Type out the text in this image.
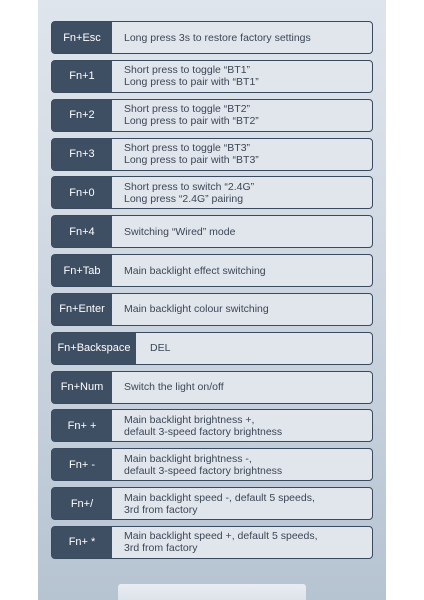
Fn+Esc	Long press 3s to restore factory settings
Fn+1	Short press to toggle “BT1”
Long press to pair with “BT1”
Fn+2	Short press to toggle “BT2”
Long press to pair with “BT2”
Fn+3	Short press to toggle “BT3”
Long press to pair with “BT3”
Fn+0	Short press to switch “2.4G”
Long press “2.4G” pairing
Fn+4	Switching “Wired” mode
Fn+Tab	Main backlight effect switching
Fn+Enter	Main backlight colour switching
Fn+Backspace	DEL
Fn+Num	Switch the light on/off
Fn+ +	Main backlight brightness +,
default 3-speed factory brightness
Fn+ -	Main backlight brightness -,
default 3-speed factory brightness
Fn+/	Main backlight speed -, default 5 speeds,
3rd from factory
Fn+ *	Main backlight speed +, default 5 speeds,
3rd from factory
